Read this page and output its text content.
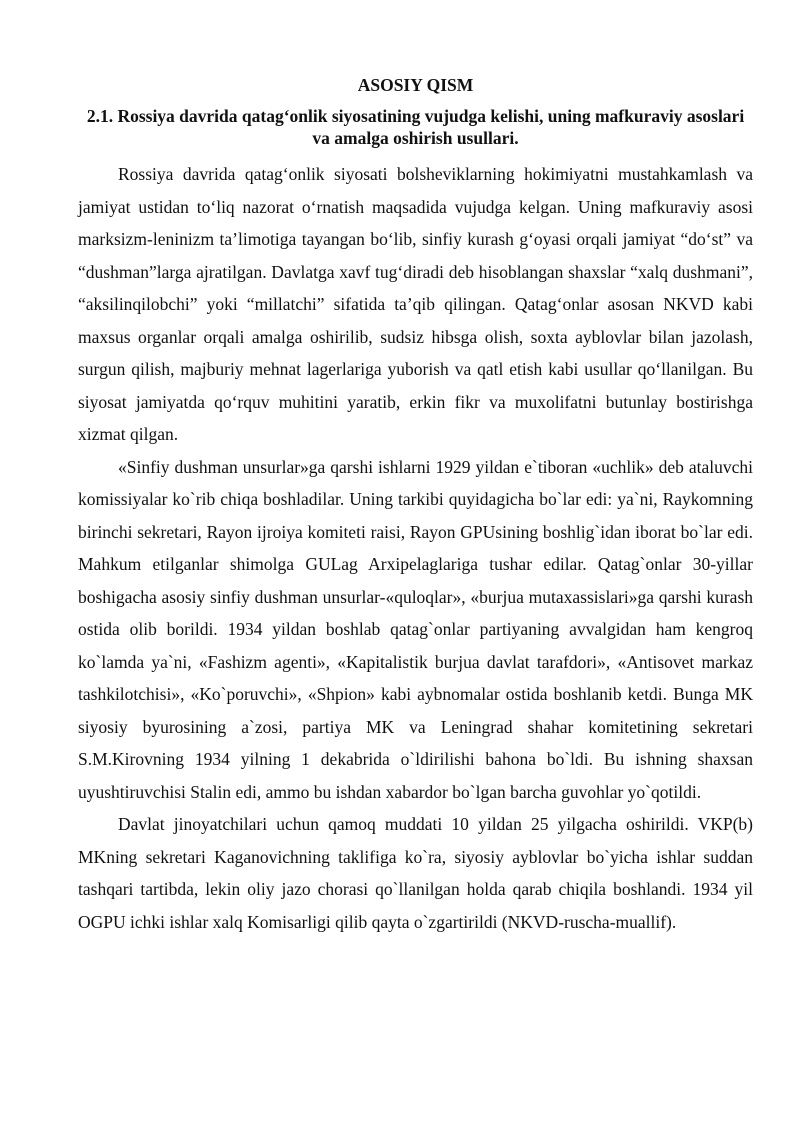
ASOSIY QISM
2.1. Rossiya davrida qatag‘onlik siyosatining vujudga kelishi, uning mafkuraviy asoslari va amalga oshirish usullari.

Rossiya davrida qatag‘onlik siyosati bolsheviklarning hokimiyatni mustahkamlash va jamiyat ustidan to‘liq nazorat o‘rnatish maqsadida vujudga kelgan. Uning mafkuraviy asosi marksizm-leninizm ta’limotiga tayangan bo‘lib, sinfiy kurash g‘oyasi orqali jamiyat “do‘st” va “dushman”larga ajratilgan. Davlatga xavf tug‘diradi deb hisoblangan shaxslar “xalq dushmani”, “aksilinqilobchi” yoki “millatchi” sifatida ta’qib qilingan. Qatag‘onlar asosan NKVD kabi maxsus organlar orqali amalga oshirilib, sudsiz hibsga olish, soxta ayblovlar bilan jazolash, surgun qilish, majburiy mehnat lagerlariga yuborish va qatl etish kabi usullar qo‘llanilgan. Bu siyosat jamiyatda qo‘rquv muhitini yaratib, erkin fikr va muxolifatni butunlay bostirishga xizmat qilgan.

«Sinfiy dushman unsurlar»ga qarshi ishlarni 1929 yildan e`tiboran «uchlik» deb ataluvchi komissiyalar ko`rib chiqa boshladilar. Uning tarkibi quyidagicha bo`lar edi: ya`ni, Raykomning birinchi sekretari, Rayon ijroiya komiteti raisi, Rayon GPUsining boshlig`idan iborat bo`lar edi. Mahkum etilganlar shimolga GULag Arxipelaglariga tushar edilar. Qatag`onlar 30-yillar boshigacha asosiy sinfiy dushman unsurlar-«quloqlar», «burjua mutaxassislari»ga qarshi kurash ostida olib borildi. 1934 yildan boshlab qatag`onlar partiyaning avvalgidan ham kengroq ko`lamda ya`ni, «Fashizm agenti», «Kapitalistik burjua davlat tarafdori», «Antisovet markaz tashkilotchisi», «Ko`poruvchi», «Shpion» kabi aybnomalar ostida boshlanib ketdi. Bunga MK siyosiy byurosining a`zosi, partiya MK va Leningrad shahar komitetining sekretari S.M.Kirovning 1934 yilning 1 dekabrida o`ldirilishi bahona bo`ldi. Bu ishning shaxsan uyushtiruvchisi Stalin edi, ammo bu ishdan xabardor bo`lgan barcha guvohlar yo`qotildi.

Davlat jinoyatchilari uchun qamoq muddati 10 yildan 25 yilgacha oshirildi. VKP(b) MKning sekretari Kaganovichning taklifiga ko`ra, siyosiy ayblovlar bo`yicha ishlar suddan tashqari tartibda, lekin oliy jazo chorasi qo`llanilgan holda qarab chiqila boshlandi. 1934 yil OGPU ichki ishlar xalq Komisarligi qilib qayta o`zgartirildi (NKVD-ruscha-muallif).
